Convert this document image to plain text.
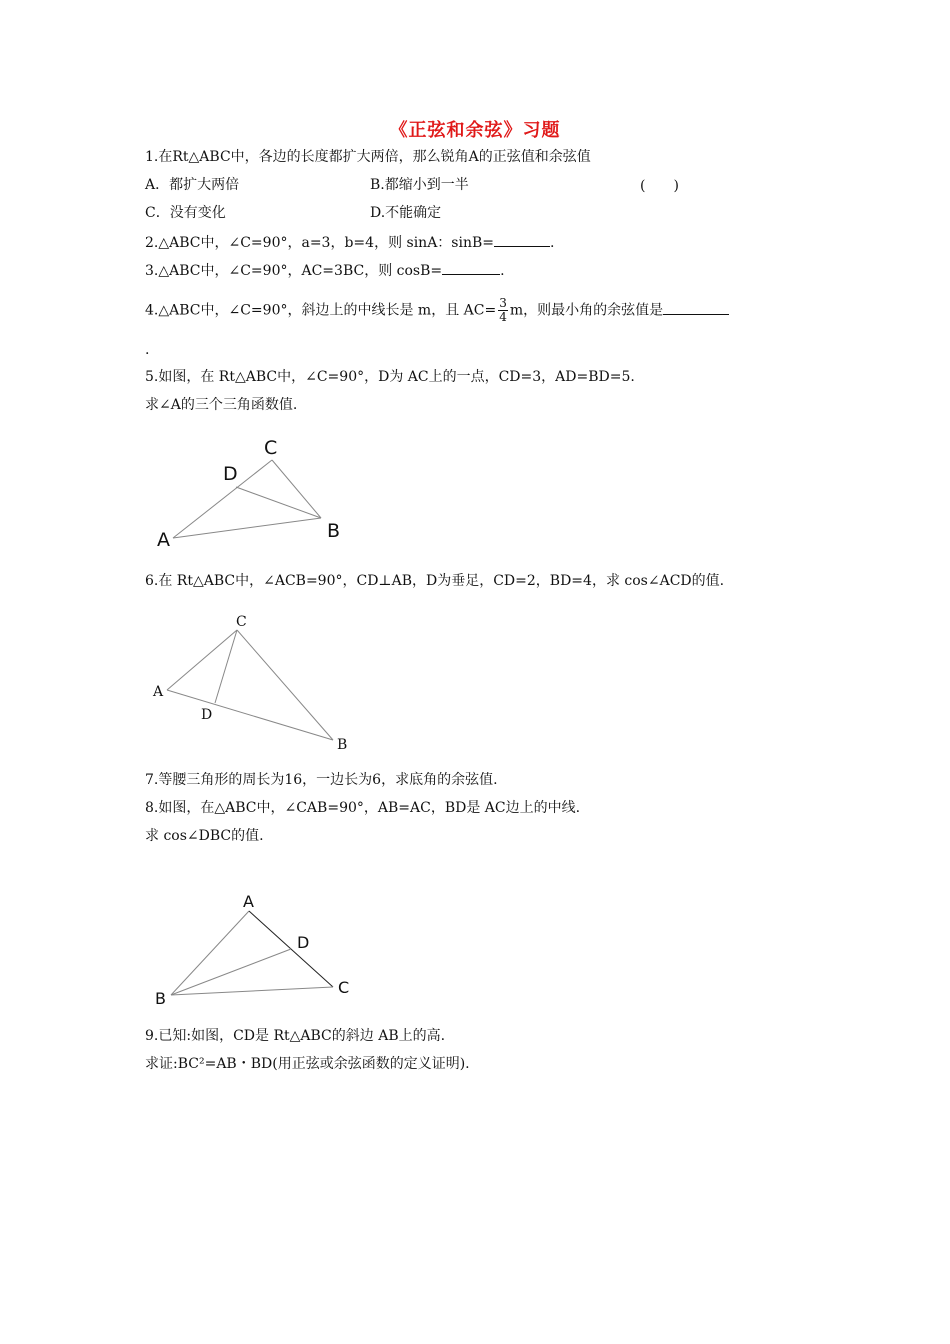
《正弦和余弦》习题
1.在Rt△ABC中，各边的长度都扩大两倍，那么锐角A的正弦值和余弦值
A．都扩大两倍	B.都缩小到一半	(　　)
C．没有变化	D.不能确定
2.△ABC中，∠C=90°，a=3，b=4，则 sinA：sinB=	.
3.△ABC中，∠C=90°，AC=3BC，则 cosB=	.
4.△ABC中，∠C=90°，斜边上的中线长是 m，且 $AC= \frac{3}{4}$ m，则最小角的余弦值是
.
5.如图，在 Rt△ABC中，∠C=90°，D为 AC上的一点，CD=3，AD=BD=5.
求∠A的三个三角函数值.
A	B
C
D
A
B
C
D
A
B
C
D
6.在 Rt△ABC中，∠ACB=90°，CD⊥AB，D为垂足，CD=2，BD=4，求 cos∠ACD的值.
7.等腰三角形的周长为16，一边长为6，求底角的余弦值.
8.如图，在△ABC中，∠CAB=90°，AB=AC，BD是 AC边上的中线.
求 cos∠DBC的值.
9.已知:如图，CD是 Rt△ABC的斜边 AB上的高.
求证:BC²=AB・BD(用正弦或余弦函数的定义证明).
